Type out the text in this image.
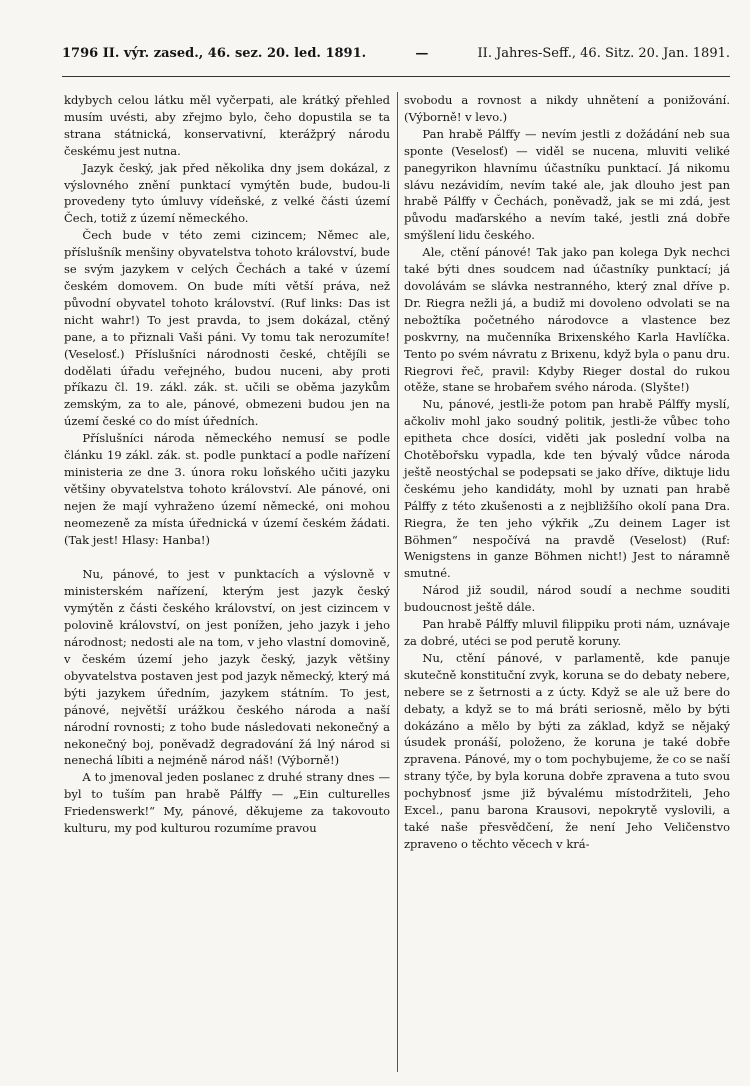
1796 II. výr. zased., 46. sez. 20. led. 1891.	—	II. Jahres-Seff., 46. Sitz. 20. Jan. 1891.

kdybych celou látku měl vyčerpati, ale krátký přehled musím uvésti, aby zřejmo bylo, čeho dopustila se ta strana státnická, konservativní, kterážprý národu českému jest nutna.

Jazyk český, jak před několika dny jsem dokázal, z výslovného znění punktací vymýtěn bude, budou-li provedeny tyto úmluvy vídeňské, z velké části území Čech, totiž z území německého.

Čech bude v této zemi cizincem; Němec ale, příslušník menšiny obyvatelstva tohoto království, bude se svým jazykem v celých Čechách a také v území českém domovem. On bude míti větší práva, než původní obyvatel tohoto království. (Ruf links: Das ist nicht wahr!) To jest pravda, to jsem dokázal, ctěný pane, a to přiznali Vaši páni. Vy tomu tak nerozumíte! (Veselosť.) Příslušníci národnosti české, chtějíli se dodělati úřadu veřejného, budou nuceni, aby proti příkazu čl. 19. zákl. zák. st. učili se oběma jazykům zemským, za to ale, pánové, obmezeni budou jen na území české co do míst úředních.

Příslušníci národa německého nemusí se podle článku 19 zákl. zák. st. podle punktací a podle nařízení ministeria ze dne 3. února roku loňského učiti jazyku většiny obyvatelstva tohoto království. Ale pánové, oni nejen že mají vyhraženo území německé, oni mohou neomezeně za místa úřednická v území českém žádati. (Tak jest! Hlasy: Hanba!)

Nu, pánové, to jest v punktacích a výslovně v ministerském nařízení, kterým jest jazyk český vymýtěn z části českého království, on jest cizincem v polovině království, on jest ponížen, jeho jazyk i jeho národnost; nedosti ale na tom, v jeho vlastní domovině, v českém území jeho jazyk český, jazyk většiny obyvatelstva postaven jest pod jazyk německý, který má býti jazykem úředním, jazykem státním. To jest, pánové, největší urážkou českého národa a naší národní rovnosti; z toho bude následovati nekonečný a nekonečný boj, poněvadž degradování žá lný národ si nenechá líbiti a nejméně národ náš! (Výborně!)

A to jmenoval jeden poslanec z druhé strany dnes — byl to tuším pan hrabě Pálffy — „Ein culturelles Friedenswerk!“ My, pánové, děkujeme za takovouto kulturu, my pod kulturou rozumíme pravou

svobodu a rovnost a nikdy uhnětení a ponižování. (Výborně! v levo.)

Pan hrabě Pálffy — nevím jestli z dožádání neb sua sponte (Veselosť) — viděl se nucena, mluviti veliké panegyrikon hlavnímu účastníku punktací. Já nikomu slávu nezávidím, nevím také ale, jak dlouho jest pan hrabě Pálffy v Čechách, poněvadž, jak se mi zdá, jest původu maďarského a nevím také, jestli zná dobře smýšlení lidu českého.

Ale, ctění pánové! Tak jako pan kolega Dyk nechci také býti dnes soudcem nad účastníky punktací; já dovolávám se slávka nestranného, který znal dříve p. Dr. Riegra nežli já, a budiž mi dovoleno odvolati se na nebožtíka početného národovce a vlastence bez poskvrny, na mučenníka Brixenského Karla Havlíčka. Tento po svém návratu z Brixenu, když byla o panu dru. Riegrovi řeč, pravil: Kdyby Rieger dostal do rukou otěže, stane se hrobařem svého národa. (Slyšte!)

Nu, pánové, jestli-že potom pan hrabě Pálffy myslí, ačkoliv mohl jako soudný politik, jestli-že vůbec toho epitheta chce dosíci, viděti jak poslední volba na Chotěbořsku vypadla, kde ten bývalý vůdce národa ještě neostýchal se podepsati se jako dříve, diktuje lidu českému jeho kandidáty, mohl by uznati pan hrabě Pálffy z této zkušenosti a z nejbližšího okolí pana Dra. Riegra, že ten jeho výkřik „Zu deinem Lager ist Böhmen“ nespočívá na pravdě (Veselost) (Ruf: Wenigstens in ganze Böhmen nicht!) Jest to náramně smutné.

Národ již soudil, národ soudí a nechme souditi budoucnost ještě dále.

Pan hrabě Pálffy mluvil filippiku proti nám, uznávaje za dobré, utéci se pod perutě koruny.

Nu, ctění pánové, v parlamentě, kde panuje skutečně konstituční zvyk, koruna se do debaty nebere, nebere se z šetrnosti a z úcty. Když se ale už bere do debaty, a když se to má bráti seriosně, mělo by býti dokázáno a mělo by býti za základ, když se nějaký úsudek pronáší, položeno, že koruna je také dobře zpravena. Pánové, my o tom pochybujeme, že co se naší strany týče, by byla koruna dobře zpravena a tuto svou pochybnosť jsme již bývalému místodržiteli, Jeho Excel., panu barona Krausovi, nepokrytě vyslovili, a také naše přesvědčení, že není Jeho Veličenstvo zpraveno o těchto věcech v krá-
